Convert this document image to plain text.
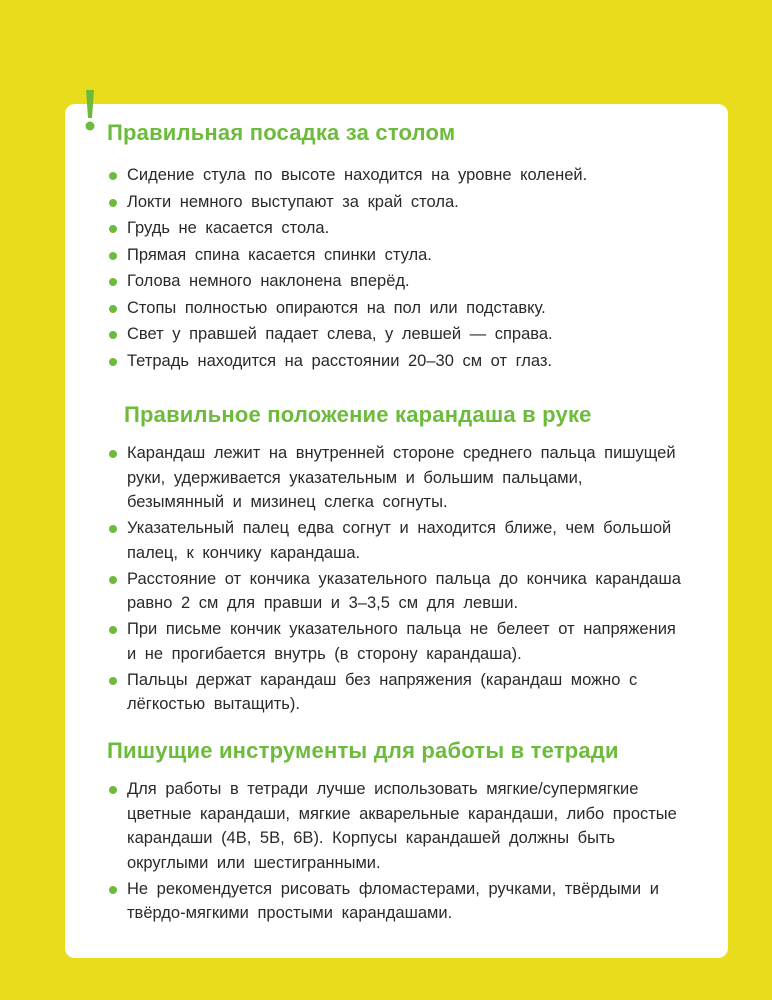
Правильная посадка за столом
Сидение стула по высоте находится на уровне коленей.
Локти немного выступают за край стола.
Грудь не касается стола.
Прямая спина касается спинки стула.
Голова немного наклонена вперёд.
Стопы полностью опираются на пол или подставку.
Свет у правшей падает слева, у левшей — справа.
Тетрадь находится на расстоянии 20–30 см от глаз.
Правильное положение карандаша в руке
Карандаш лежит на внутренней стороне среднего пальца пишущей руки, удерживается указательным и большим пальцами, безымянный и мизинец слегка согнуты.
Указательный палец едва согнут и находится ближе, чем большой палец, к кончику карандаша.
Расстояние от кончика указательного пальца до кончика карандаша равно 2 см для правши и 3–3,5 см для левши.
При письме кончик указательного пальца не белеет от напряжения и не прогибается внутрь (в сторону карандаша).
Пальцы держат карандаш без напряжения (карандаш можно с лёгкостью вытащить).
Пишущие инструменты для работы в тетради
Для работы в тетради лучше использовать мягкие/супермягкие цветные карандаши, мягкие акварельные карандаши, либо простые карандаши (4В, 5В, 6В). Корпусы карандашей должны быть округлыми или шестигранными.
Не рекомендуется рисовать фломастерами, ручками, твёрдыми и твёрдо-мягкими простыми карандашами.
